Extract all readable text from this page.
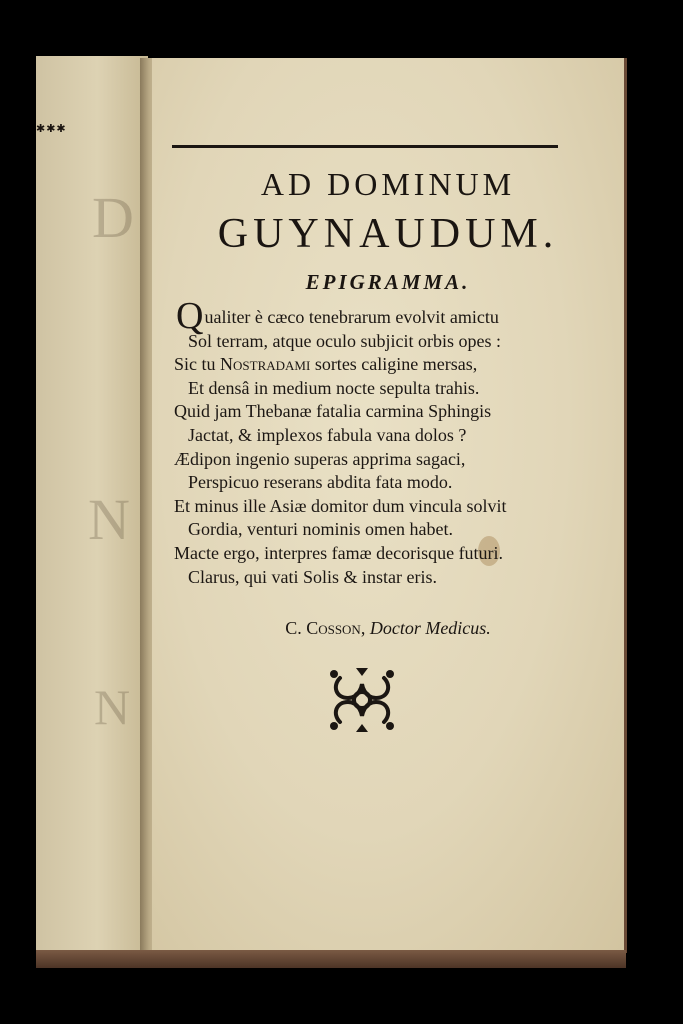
✱✱✱
D
N
N
AD DOMINUM
GUYNAUDUM.
EPIGRAMMA.
Qualiter è cæco tenebrarum evolvit amictu
Sol terram, atque oculo subjicit orbis opes :
Sic tu Nostradami sortes caligine mersas,
Et densâ in medium nocte sepulta trahis.
Quid jam Thebanæ fatalia carmina Sphingis
Jactat, & implexos fabula vana dolos ?
Ædipon ingenio superas apprima sagaci,
Perspicuo reserans abdita fata modo.
Et minus ille Asiæ domitor dum vincula solvit
Gordia, venturi nominis omen habet.
Macte ergo, interpres famæ decorisque futuri.
Clarus, qui vati Solis & instar eris.
C. Cosson, Doctor Medicus.
